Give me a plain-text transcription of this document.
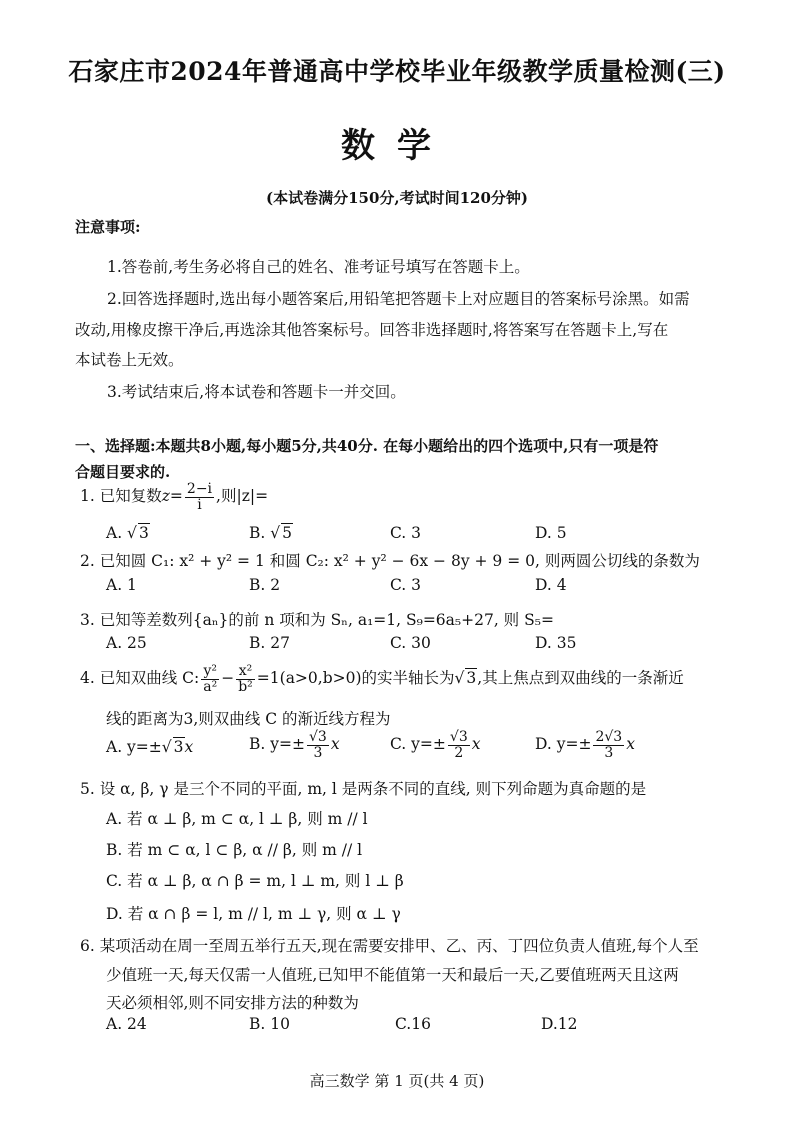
石家庄市2024年普通高中学校毕业年级教学质量检测(三)
数学
(本试卷满分150分,考试时间120分钟)
注意事项:
1.答卷前,考生务必将自己的姓名、准考证号填写在答题卡上。
2.回答选择题时,选出每小题答案后,用铅笔把答题卡上对应题目的答案标号涂黑。如需
改动,用橡皮擦干净后,再选涂其他答案标号。回答非选择题时,将答案写在答题卡上,写在
本试卷上无效。
3.考试结束后,将本试卷和答题卡一并交回。
一、选择题:本题共8小题,每小题5分,共40分. 在每小题给出的四个选项中,只有一项是符
合题目要求的.
1. 已知复数$z= \frac{2-i}{i}$ ,则|z|=
A. √ 3	B. √ 5	C. 3	D. 5
2. 已知圆 C₁: x² + y² = 1 和圆 C₂: x² + y² − 6x − 8y + 9 = 0, 则两圆公切线的条数为
A. 1	B. 2	C. 3	D. 4
3. 已知等差数列{aₙ}的前 n 项和为 Sₙ, a₁=1, S₉=6a₅+27, 则 S₅=
A. 25	B. 27	C. 30	D. 35
4. 已知双曲线 C: $\frac{\text{y²}}{\text{a²}} - \frac{\text{x²}}{\text{b²}} =1(a>0,b>0)$的实半轴长为√ 3,其上焦点到双曲线的一条渐近
线的距离为3,则双曲线 C 的渐近线方程为
A. y=±√ 3x	B. $y=\pm \frac{√3}{3}$ x	C. $y=\pm \frac{√3}{2}$ x	D. $y=\pm \frac{2√3}{3}$ x
5. 设 α, β, γ 是三个不同的平面, m, l 是两条不同的直线, 则下列命题为真命题的是
A. 若 α ⊥ β, m ⊂ α, l ⊥ β, 则 m // l
B. 若 m ⊂ α, l ⊂ β, α // β, 则 m // l
C. 若 α ⊥ β, α ∩ β = m, l ⊥ m, 则 l ⊥ β
D. 若 α ∩ β = l, m // l, m ⊥ γ, 则 α ⊥ γ
6. 某项活动在周一至周五举行五天,现在需要安排甲、乙、丙、丁四位负责人值班,每个人至
少值班一天,每天仅需一人值班,已知甲不能值第一天和最后一天,乙要值班两天且这两
天必须相邻,则不同安排方法的种数为
A. 24	B. 10	C.16	D.12
高三数学 第 1 页(共 4 页)
